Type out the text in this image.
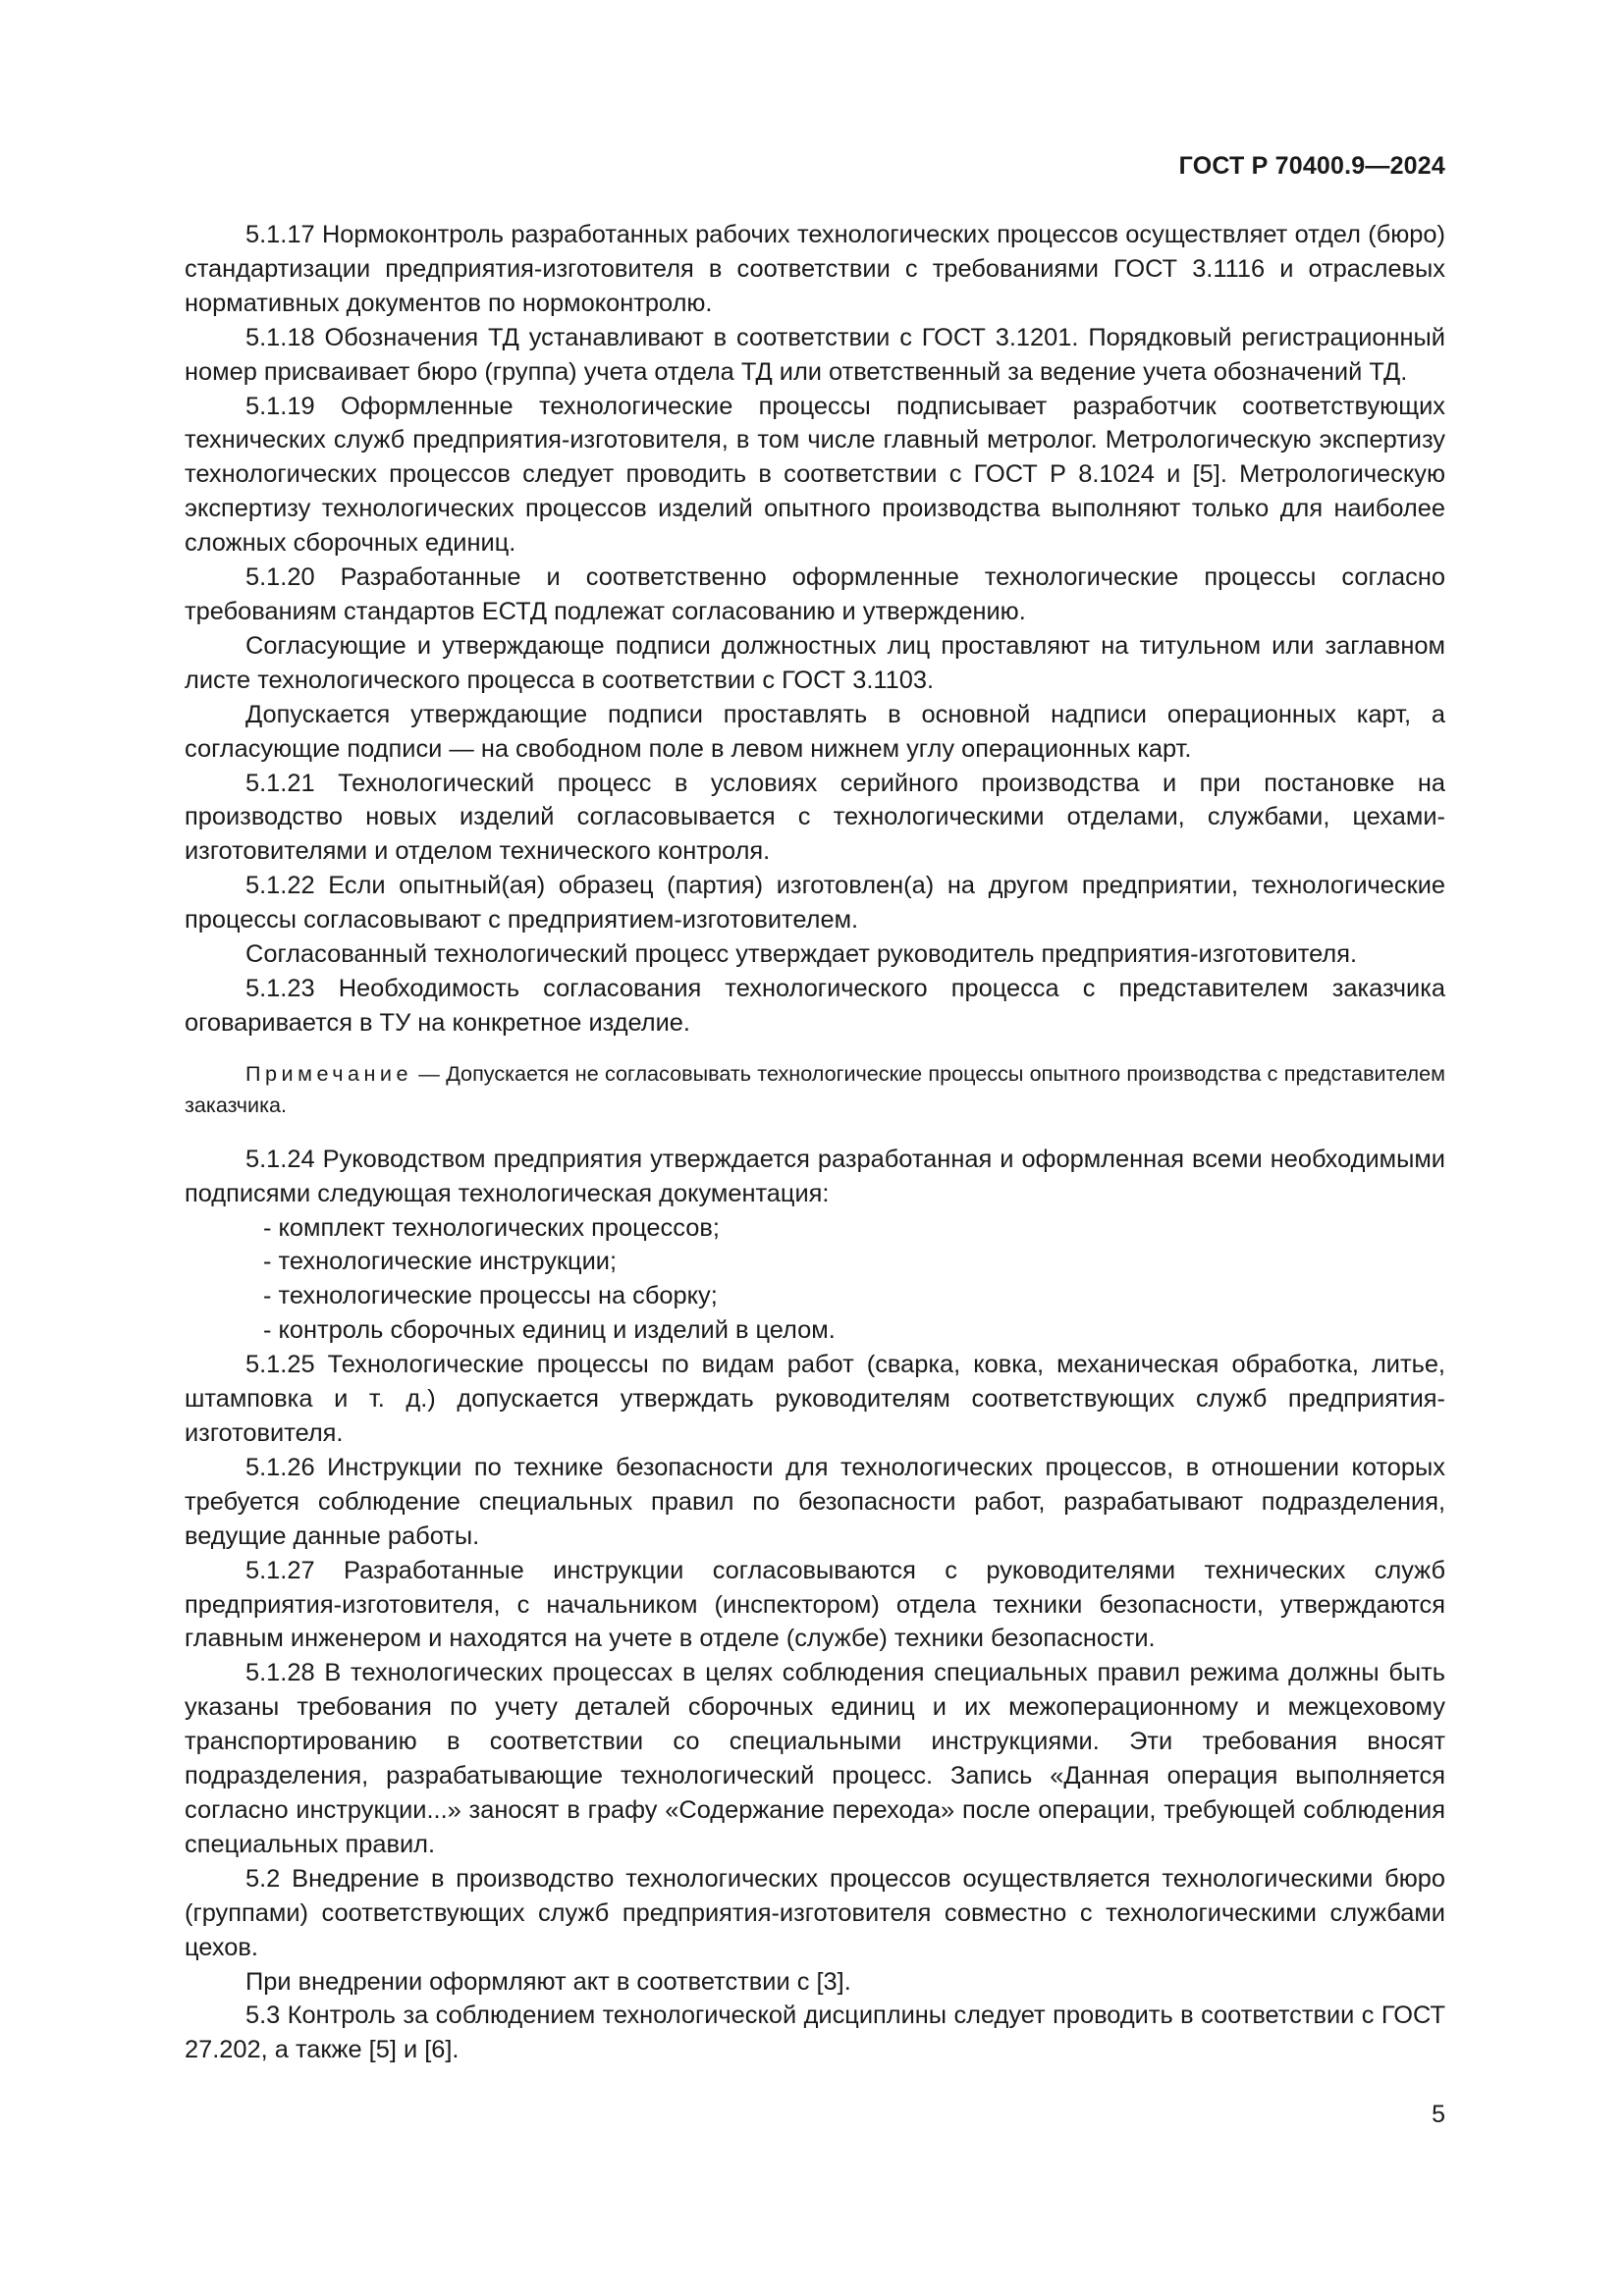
ГОСТ Р 70400.9—2024

5.1.17 Нормоконтроль разработанных рабочих технологических процессов осуществляет отдел (бюро) стандартизации предприятия-изготовителя в соответствии с требованиями ГОСТ 3.1116 и отраслевых нормативных документов по нормоконтролю.

5.1.18 Обозначения ТД устанавливают в соответствии с ГОСТ 3.1201. Порядковый регистрационный номер присваивает бюро (группа) учета отдела ТД или ответственный за ведение учета обозначений ТД.

5.1.19 Оформленные технологические процессы подписывает разработчик соответствующих технических служб предприятия-изготовителя, в том числе главный метролог. Метрологическую экспертизу технологических процессов следует проводить в соответствии с ГОСТ Р 8.1024 и [5]. Метрологическую экспертизу технологических процессов изделий опытного производства выполняют только для наиболее сложных сборочных единиц.

5.1.20 Разработанные и соответственно оформленные технологические процессы согласно требованиям стандартов ЕСТД подлежат согласованию и утверждению.

Согласующие и утверждающе подписи должностных лиц проставляют на титульном или заглавном листе технологического процесса в соответствии с ГОСТ 3.1103.

Допускается утверждающие подписи проставлять в основной надписи операционных карт, а согласующие подписи — на свободном поле в левом нижнем углу операционных карт.

5.1.21 Технологический процесс в условиях серийного производства и при постановке на производство новых изделий согласовывается с технологическими отделами, службами, цехами-изготовителями и отделом технического контроля.

5.1.22 Если опытный(ая) образец (партия) изготовлен(а) на другом предприятии, технологические процессы согласовывают с предприятием-изготовителем.

Согласованный технологический процесс утверждает руководитель предприятия-изготовителя.

5.1.23 Необходимость согласования технологического процесса с представителем заказчика оговаривается в ТУ на конкретное изделие.

Примечание — Допускается не согласовывать технологические процессы опытного производства с представителем заказчика.

5.1.24 Руководством предприятия утверждается разработанная и оформленная всеми необходимыми подписями следующая технологическая документация:

- комплект технологических процессов;

- технологические инструкции;

- технологические процессы на сборку;

- контроль сборочных единиц и изделий в целом.

5.1.25 Технологические процессы по видам работ (сварка, ковка, механическая обработка, литье, штамповка и т. д.) допускается утверждать руководителям соответствующих служб предприятия-изготовителя.

5.1.26 Инструкции по технике безопасности для технологических процессов, в отношении которых требуется соблюдение специальных правил по безопасности работ, разрабатывают подразделения, ведущие данные работы.

5.1.27 Разработанные инструкции согласовываются с руководителями технических служб предприятия-изготовителя, с начальником (инспектором) отдела техники безопасности, утверждаются главным инженером и находятся на учете в отделе (службе) техники безопасности.

5.1.28 В технологических процессах в целях соблюдения специальных правил режима должны быть указаны требования по учету деталей сборочных единиц и их межоперационному и межцеховому транспортированию в соответствии со специальными инструкциями. Эти требования вносят подразделения, разрабатывающие технологический процесс. Запись «Данная операция выполняется согласно инструкции...» заносят в графу «Содержание перехода» после операции, требующей соблюдения специальных правил.

5.2 Внедрение в производство технологических процессов осуществляется технологическими бюро (группами) соответствующих служб предприятия-изготовителя совместно с технологическими службами цехов.

При внедрении оформляют акт в соответствии с [3].

5.3 Контроль за соблюдением технологической дисциплины следует проводить в соответствии с ГОСТ 27.202, а также [5] и [6].

5
